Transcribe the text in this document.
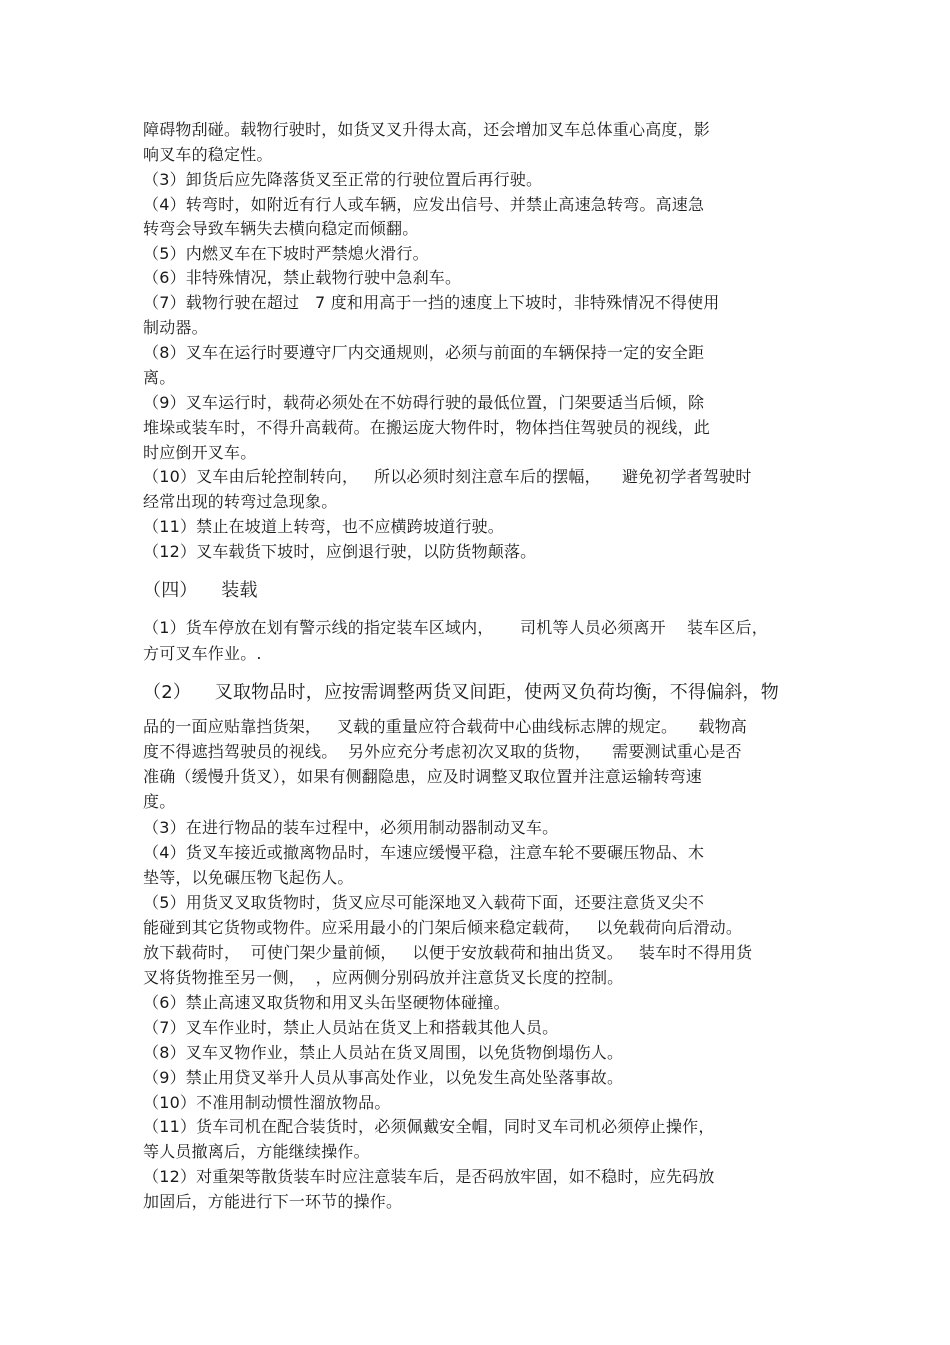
障碍物刮碰。载物行驶时，如货叉叉升得太高，还会增加叉车总体重心高度，影
响叉车的稳定性。
（3）卸货后应先降落货叉至正常的行驶位置后再行驶。
（4）转弯时，如附近有行人或车辆，应发出信号、并禁止高速急转弯。高速急
转弯会导致车辆失去横向稳定而倾翻。
（5）内燃叉车在下坡时严禁熄火滑行。
（6）非特殊情况，禁止载物行驶中急刹车。
（7）载物行驶在超过   7 度和用高于一挡的速度上下坡时，非特殊情况不得使用
制动器。
（8）叉车在运行时要遵守厂内交通规则，必须与前面的车辆保持一定的安全距
离。
（9）叉车运行时，载荷必须处在不妨碍行驶的最低位置，门架要适当后倾，除
堆垛或装车时，不得升高载荷。在搬运庞大物件时，物体挡住驾驶员的视线，此
时应倒开叉车。
（10）叉车由后轮控制转向，   所以必须时刻注意车后的摆幅，    避免初学者驾驶时
经常出现的转弯过急现象。
（11）禁止在坡道上转弯，也不应横跨坡道行驶。
（12）叉车载货下坡时，应倒退行驶，以防货物颠落。
（四）    装载
（1）货车停放在划有警示线的指定装车区域内，     司机等人员必须离开    装车区后，
方可叉车作业。.
（2）    叉取物品时，应按需调整两货叉间距，使两叉负荷均衡，不得偏斜，物
品的一面应贴靠挡货架，   叉载的重量应符合载荷中心曲线标志牌的规定。    载物高
度不得遮挡驾驶员的视线。  另外应充分考虑初次叉取的货物，    需要测试重心是否
准确（缓慢升货叉），如果有侧翻隐患，应及时调整叉取位置并注意运输转弯速
度。
（3）在进行物品的装车过程中，必须用制动器制动叉车。
（4）货叉车接近或撤离物品时，车速应缓慢平稳，注意车轮不要碾压物品、木
垫等，以免碾压物飞起伤人。
（5）用货叉叉取货物时，货叉应尽可能深地叉入载荷下面，还要注意货叉尖不
能碰到其它货物或物件。应采用最小的门架后倾来稳定载荷，   以免载荷向后滑动。
放下载荷时，  可使门架少量前倾，   以便于安放载荷和抽出货叉。   装车时不得用货
叉将货物推至另一侧，  ，应两侧分别码放并注意货叉长度的控制。
（6）禁止高速叉取货物和用叉头缶坚硬物体碰撞。
（7）叉车作业时，禁止人员站在货叉上和搭载其他人员。
（8）叉车叉物作业，禁止人员站在货叉周围，以免货物倒塌伤人。
（9）禁止用贷叉举升人员从事高处作业，以免发生高处坠落事故。
（10）不准用制动惯性溜放物品。
（11）货车司机在配合装货时，必须佩戴安全帽，同时叉车司机必须停止操作，
等人员撤离后，方能继续操作。
（12）对重架等散货装车时应注意装车后，是否码放牢固，如不稳时，应先码放
加固后，方能进行下一环节的操作。
